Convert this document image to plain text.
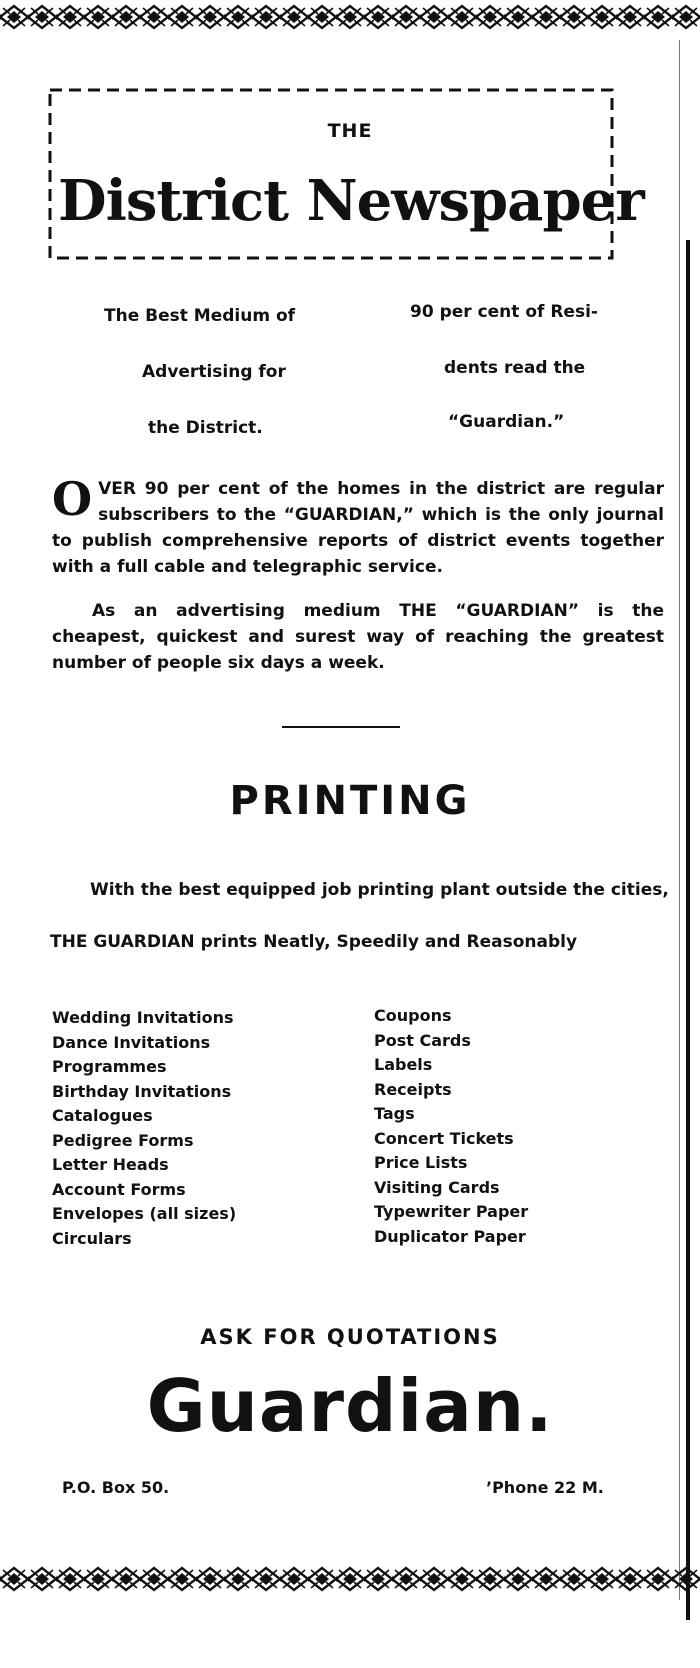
THE
District Newspaper
The Best Medium of
Advertising for
the District.
90 per cent of Resi-
dents read the
“Guardian.”
O VER 90 per cent of the homes in the district are regular subscribers to the “GUARDIAN,” which is the only journal to publish comprehensive reports of district events together with a full cable and telegraphic service.
As an advertising medium THE “GUARDIAN” is the cheapest, quickest and surest way of reaching the greatest number of people six days a week.
PRINTING
With the best equipped job printing plant outside the cities,
THE GUARDIAN prints Neatly, Speedily and Reasonably
Wedding Invitations
Dance Invitations
Programmes
Birthday Invitations
Catalogues
Pedigree Forms
Letter Heads
Account Forms
Envelopes (all sizes)
Circulars
Coupons
Post Cards
Labels
Receipts
Tags
Concert Tickets
Price Lists
Visiting Cards
Typewriter Paper
Duplicator Paper
ASK FOR QUOTATIONS
Guardian.
P.O. Box 50.	’Phone 22 M.
